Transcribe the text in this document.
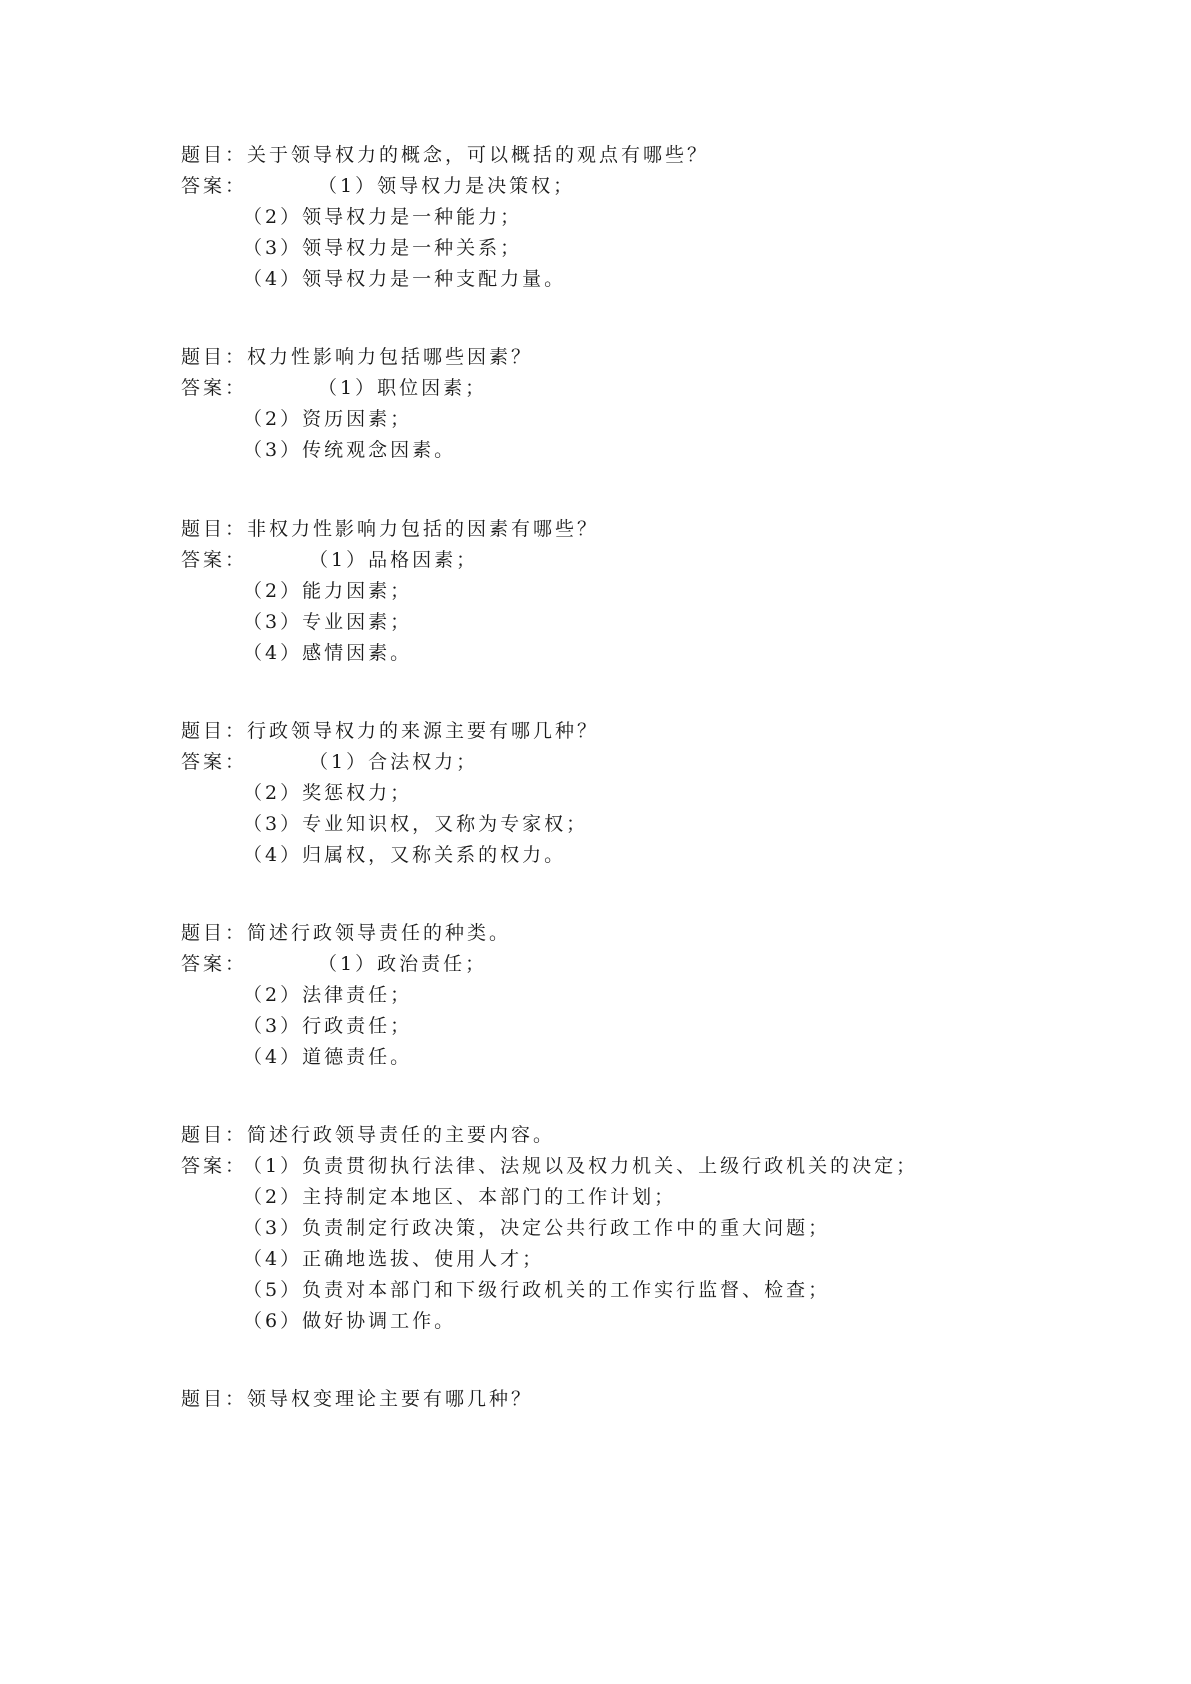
题目：关于领导权力的概念，可以概括的观点有哪些？
答案：	（1）领导权力是决策权；
（2）领导权力是一种能力；
（3）领导权力是一种关系；
（4）领导权力是一种支配力量。
题目：权力性影响力包括哪些因素？
答案：	（1）职位因素；
（2）资历因素；
（3）传统观念因素。
题目：非权力性影响力包括的因素有哪些？
答案：	（1）品格因素；
（2）能力因素；
（3）专业因素；
（4）感情因素。
题目：行政领导权力的来源主要有哪几种？
答案：	（1）合法权力；
（2）奖惩权力；
（3）专业知识权，又称为专家权；
（4）归属权，又称关系的权力。
题目：简述行政领导责任的种类。
答案：	（1）政治责任；
（2）法律责任；
（3）行政责任；
（4）道德责任。
题目：简述行政领导责任的主要内容。
答案：
（1）负责贯彻执行法律、法规以及权力机关、上级行政机关的决定；
（2）主持制定本地区、本部门的工作计划；
（3）负责制定行政决策，决定公共行政工作中的重大问题；
（4）正确地选拔、使用人才；
（5）负责对本部门和下级行政机关的工作实行监督、检查；
（6）做好协调工作。
题目：领导权变理论主要有哪几种？
